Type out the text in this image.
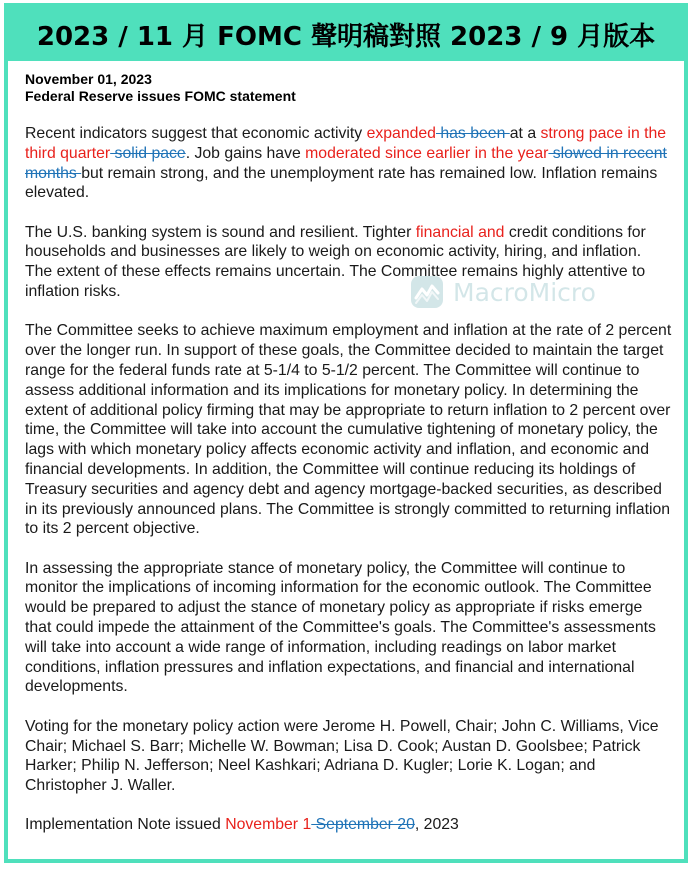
2023 / 11 月 FOMC 聲明稿對照 2023 / 9 月版本
November 01, 2023
Federal Reserve issues FOMC statement
MacroMicro

Recent indicators suggest that economic activity expanded has been at a strong pace in the third quarter solid pace. Job gains have moderated since earlier in the year slowed in recent months but remain strong, and the unemployment rate has remained low. Inflation remains elevated.

The U.S. banking system is sound and resilient. Tighter financial and credit conditions for households and businesses are likely to weigh on economic activity, hiring, and inflation. The extent of these effects remains uncertain. The Committee remains highly attentive to inflation risks.

The Committee seeks to achieve maximum employment and inflation at the rate of 2 percent over the longer run. In support of these goals, the Committee decided to maintain the target range for the federal funds rate at 5-1/4 to 5-1/2 percent. The Committee will continue to assess additional information and its implications for monetary policy. In determining the extent of additional policy firming that may be appropriate to return inflation to 2 percent over time, the Committee will take into account the cumulative tightening of monetary policy, the lags with which monetary policy affects economic activity and inflation, and economic and financial developments. In addition, the Committee will continue reducing its holdings of Treasury securities and agency debt and agency mortgage-backed securities, as described in its previously announced plans. The Committee is strongly committed to returning inflation to its 2 percent objective.

In assessing the appropriate stance of monetary policy, the Committee will continue to monitor the implications of incoming information for the economic outlook. The Committee would be prepared to adjust the stance of monetary policy as appropriate if risks emerge that could impede the attainment of the Committee's goals. The Committee's assessments will take into account a wide range of information, including readings on labor market conditions, inflation pressures and inflation expectations, and financial and international developments.

Voting for the monetary policy action were Jerome H. Powell, Chair; John C. Williams, Vice Chair; Michael S. Barr; Michelle W. Bowman; Lisa D. Cook; Austan D. Goolsbee; Patrick Harker; Philip N. Jefferson; Neel Kashkari; Adriana D. Kugler; Lorie K. Logan; and Christopher J. Waller.

Implementation Note issued November 1 September 20, 2023
